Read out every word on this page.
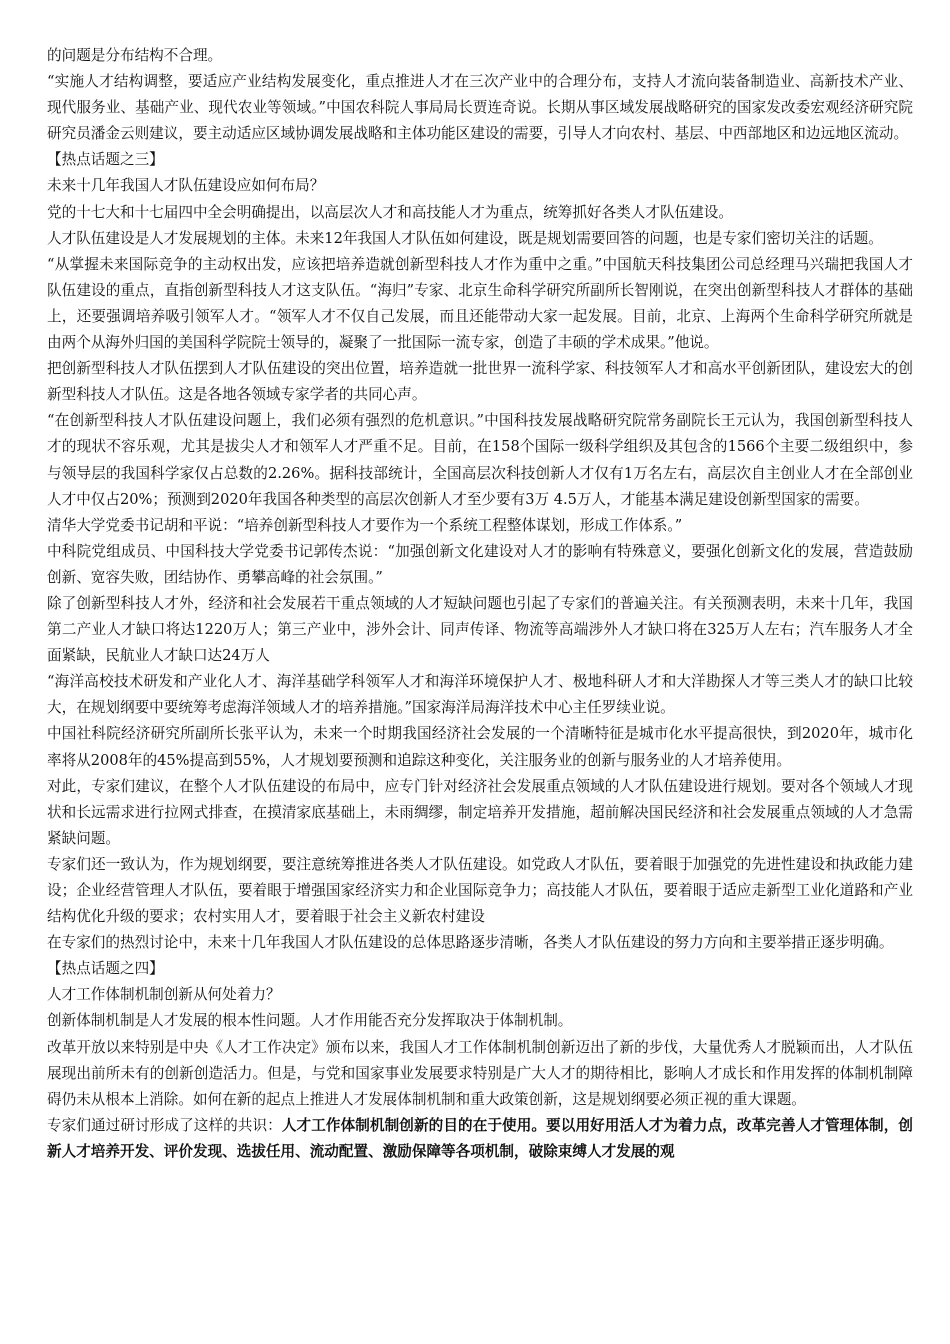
的问题是分布结构不合理。

“实施人才结构调整，要适应产业结构发展变化，重点推进人才在三次产业中的合理分布，支持人才流向装备制造业、高新技术产业、现代服务业、基础产业、现代农业等领域。”中国农科院人事局局长贾连奇说。长期从事区域发展战略研究的国家发改委宏观经济研究院研究员潘金云则建议，要主动适应区域协调发展战略和主体功能区建设的需要，引导人才向农村、基层、中西部地区和边远地区流动。

【热点话题之三】

未来十几年我国人才队伍建设应如何布局？

党的十七大和十七届四中全会明确提出，以高层次人才和高技能人才为重点，统筹抓好各类人才队伍建设。

人才队伍建设是人才发展规划的主体。未来12年我国人才队伍如何建设，既是规划需要回答的问题，也是专家们密切关注的话题。

“从掌握未来国际竞争的主动权出发，应该把培养造就创新型科技人才作为重中之重。”中国航天科技集团公司总经理马兴瑞把我国人才队伍建设的重点，直指创新型科技人才这支队伍。“海归”专家、北京生命科学研究所副所长智刚说，在突出创新型科技人才群体的基础上，还要强调培养吸引领军人才。“领军人才不仅自己发展，而且还能带动大家一起发展。目前，北京、上海两个生命科学研究所就是由两个从海外归国的美国科学院院士领导的，凝聚了一批国际一流专家，创造了丰硕的学术成果。”他说。

把创新型科技人才队伍摆到人才队伍建设的突出位置，培养造就一批世界一流科学家、科技领军人才和高水平创新团队，建设宏大的创新型科技人才队伍。这是各地各领域专家学者的共同心声。

“在创新型科技人才队伍建设问题上，我们必须有强烈的危机意识。”中国科技发展战略研究院常务副院长王元认为，我国创新型科技人才的现状不容乐观，尤其是拔尖人才和领军人才严重不足。目前，在158个国际一级科学组织及其包含的1566个主要二级组织中，参与领导层的我国科学家仅占总数的2.26%。据科技部统计，全国高层次科技创新人才仅有1万名左右，高层次自主创业人才在全部创业人才中仅占20%；预测到2020年我国各种类型的高层次创新人才至少要有3万 4.5万人，才能基本满足建设创新型国家的需要。

清华大学党委书记胡和平说：“培养创新型科技人才要作为一个系统工程整体谋划，形成工作体系。”

中科院党组成员、中国科技大学党委书记郭传杰说：“加强创新文化建设对人才的影响有特殊意义，要强化创新文化的发展，营造鼓励创新、宽容失败，团结协作、勇攀高峰的社会氛围。”

除了创新型科技人才外，经济和社会发展若干重点领域的人才短缺问题也引起了专家们的普遍关注。有关预测表明，未来十几年，我国第二产业人才缺口将达1220万人；第三产业中，涉外会计、同声传译、物流等高端涉外人才缺口将在325万人左右；汽车服务人才全面紧缺，民航业人才缺口达24万人

“海洋高校技术研发和产业化人才、海洋基础学科领军人才和海洋环境保护人才、极地科研人才和大洋勘探人才等三类人才的缺口比较大，在规划纲要中要统筹考虑海洋领域人才的培养措施。”国家海洋局海洋技术中心主任罗续业说。

中国社科院经济研究所副所长张平认为，未来一个时期我国经济社会发展的一个清晰特征是城市化水平提高很快，到2020年，城市化率将从2008年的45%提高到55%，人才规划要预测和追踪这种变化，关注服务业的创新与服务业的人才培养使用。

对此，专家们建议，在整个人才队伍建设的布局中，应专门针对经济社会发展重点领域的人才队伍建设进行规划。要对各个领域人才现状和长远需求进行拉网式排查，在摸清家底基础上，未雨绸缪，制定培养开发措施，超前解决国民经济和社会发展重点领域的人才急需紧缺问题。

专家们还一致认为，作为规划纲要，要注意统筹推进各类人才队伍建设。如党政人才队伍，要着眼于加强党的先进性建设和执政能力建设；企业经营管理人才队伍，要着眼于增强国家经济实力和企业国际竞争力；高技能人才队伍，要着眼于适应走新型工业化道路和产业结构优化升级的要求；农村实用人才，要着眼于社会主义新农村建设

在专家们的热烈讨论中，未来十几年我国人才队伍建设的总体思路逐步清晰，各类人才队伍建设的努力方向和主要举措正逐步明确。

【热点话题之四】

人才工作体制机制创新从何处着力？

创新体制机制是人才发展的根本性问题。人才作用能否充分发挥取决于体制机制。

改革开放以来特别是中央《人才工作决定》颁布以来，我国人才工作体制机制创新迈出了新的步伐，大量优秀人才脱颖而出，人才队伍展现出前所未有的创新创造活力。但是，与党和国家事业发展要求特别是广大人才的期待相比，影响人才成长和作用发挥的体制机制障碍仍未从根本上消除。如何在新的起点上推进人才发展体制机制和重大政策创新，这是规划纲要必须正视的重大课题。

专家们通过研讨形成了这样的共识：人才工作体制机制创新的目的在于使用。要以用好用活人才为着力点，改革完善人才管理体制，创新人才培养开发、评价发现、选拔任用、流动配置、激励保障等各项机制，破除束缚人才发展的观
